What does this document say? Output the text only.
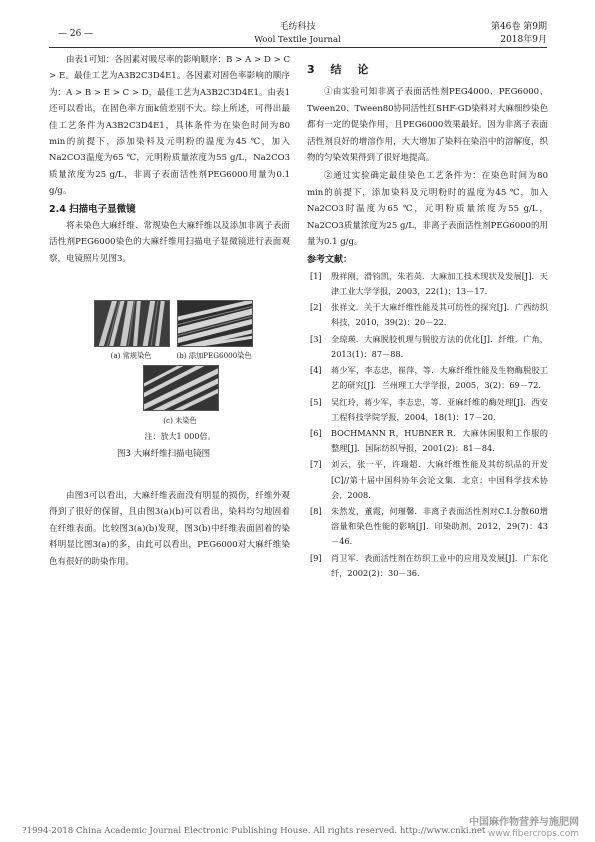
— 26 —
毛纺科技
Wool Textile Journal
第46卷 第9期
2018年9月

由表1可知：各因素对吸尽率的影响顺序：B > A > D > C > E。最佳工艺为A3B2C3D4E1。各因素对固色率影响的顺序为：A > B > E > C > D，最佳工艺为A3B2C3D4E1。由表1还可以看出，在固色率方面k值差别不大。综上所述，可得出最佳工艺条件为A3B2C3D4E1，具体条件为在染色时间为80 min的前提下，添加染料及元明粉的温度为45 ℃，加入Na2CO3温度为65 ℃，元明粉质量浓度为55 g/L，Na2CO3质量浓度为25 g/L，非离子表面活性剂PEG6000用量为0.1 g/g。

2.4 扫描电子显微镜

将未染色大麻纤维、常规染色大麻纤维以及添加非离子表面活性剂PEG6000染色的大麻纤维用扫描电子显微镜进行表面观察，电镜照片见图3。

(a) 常规染色	(b) 添加PEG6000染色
(c) 未染色
注：放大1 000倍。
图3 大麻纤维扫描电镜图

由图3可以看出，大麻纤维表面没有明显的损伤，纤维外观得到了很好的保留，且由图3(a)(b)可以看出，染料均匀地固着在纤维表面。比较图3(a)(b)发现，图3(b)中纤维表面固着的染料明显比图3(a)的多，由此可以看出，PEG6000对大麻纤维染色有很好的助染作用。

3 结 论

①由实验可知非离子表面活性剂PEG4000、PEG6000、Tween20、Tween80协同活性红SHF-GD染料对大麻细纱染色都有一定的促染作用，且PEG6000效果最好。因为非离子表面活性剂良好的增溶作用，大大增加了染料在染浴中的溶解度，织物的匀染效果得到了很好地提高。

②通过实验确定最佳染色工艺条件为：在染色时间为80 min的前提下，添加染料及元明粉时的温度为45 ℃，加入Na2CO3时温度为65 ℃，元明粉质量浓度为55 g/L，Na2CO3质量浓度为25 g/L，非离子表面活性剂PEG6000的用量为0.1 g/g。

参考文献：

[1] 殷祥刚，滑钧凯，朱若英．大麻加工技术现状及发展[J]．天津工业大学学报，2003，22(1)：13－17．
[2] 张祥文．关于大麻纤维性能及其可纺性的探究[J]．广西纺织科技，2010，39(2)：20－22．
[3] 全琼瑛．大麻脱胶机理与脱胶方法的优化[J]．纤维．广角，2013(1)：87－88．
[4] 蒋少军，李志忠，崔萍，等．大麻纤维性能及生物酶脱胶工艺的研究[J]．兰州理工大学学报，2005，3(2)：69－72．
[5] 吴红玲，蒋少军，李志忠，等．亚麻纤维的酶处理[J]．西安工程科技学院学报，2004，18(1)：17－20．
[6] BOCHMANN R，HUBNER R．大麻休闲服和工作服的整理[J]．国际纺织导报，2001(2)：81－84．
[7] 刘云，张一平，许瑞超．大麻纤维性能及其纺织品的开发[C]//第十届中国科协年会论文集．北京：中国科学技术协会，2008．
[8] 朱然发，董霞，何瑾馨．非离子表面活性剂对C.I.分散60增溶量和染色性能的影响[J]．印染助剂，2012，29(7)：43－46．
[9] 肖卫军．表面活性剂在纺织工业中的应用及发展[J]．广东化纤，2002(2)：30－36．
?1994-2018 China Academic Journal Electronic Publishing House. All rights reserved. http://www.cnki.net
中国麻作物营养与施肥网
www.fibercrops.com
